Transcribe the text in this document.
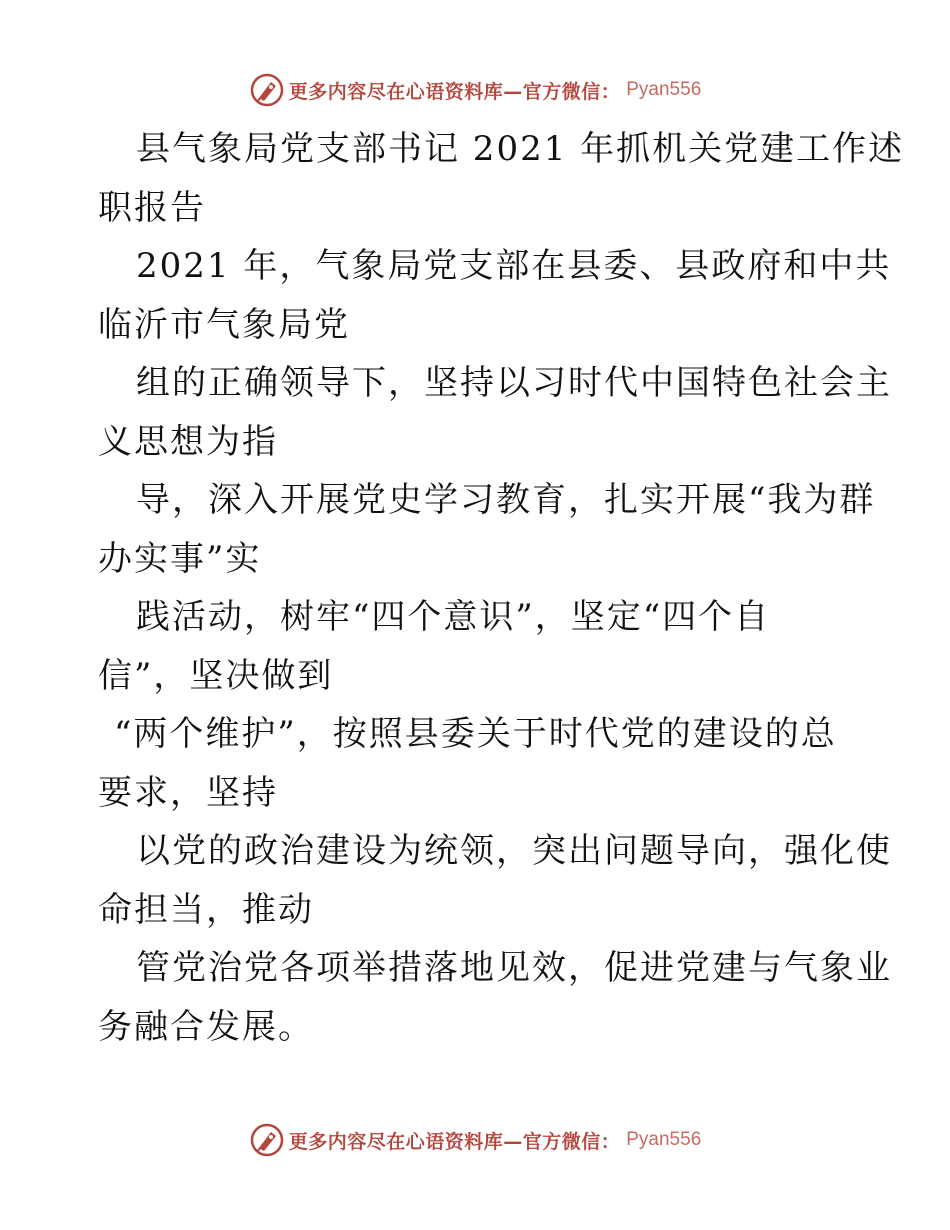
更多内容尽在心语资料库—官方微信： Pyan556
县气象局党支部书记 2021 年抓机关党建工作述
职报告
2021 年，气象局党支部在县委、县政府和中共
临沂市气象局党
组的正确领导下，坚持以习时代中国特色社会主
义思想为指
导，深入开展党史学习教育，扎实开展“我为群
办实事”实
践活动，树牢“四个意识”，坚定“四个自
信”，坚决做到
“两个维护”，按照县委关于时代党的建设的总
要求，坚持
以党的政治建设为统领，突出问题导向，强化使
命担当，推动
管党治党各项举措落地见效，促进党建与气象业
务融合发展。
更多内容尽在心语资料库—官方微信： Pyan556
